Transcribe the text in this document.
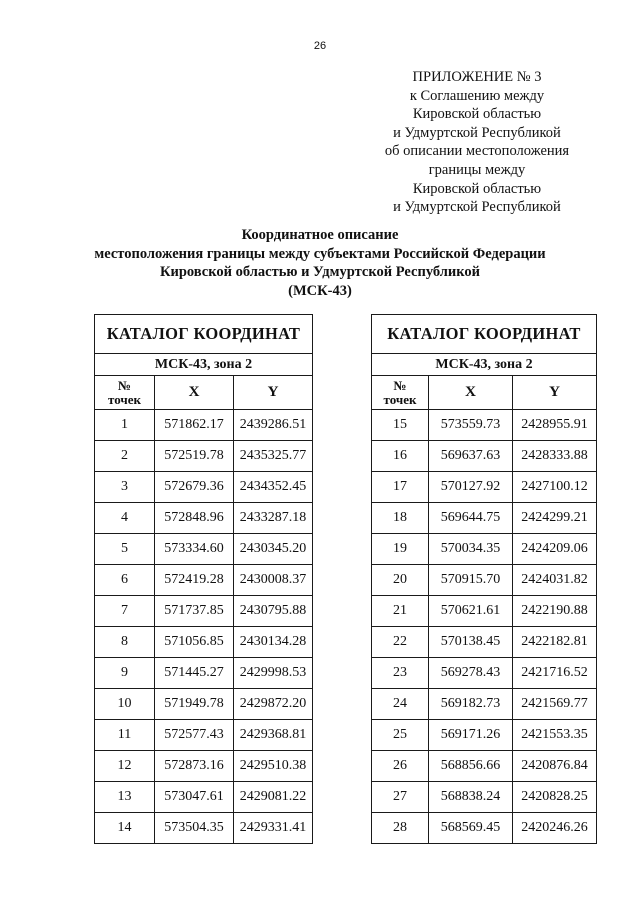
26
ПРИЛОЖЕНИЕ № 3
к Соглашению между
Кировской областью
и Удмуртской Республикой
об описании местоположения
границы между
Кировской областью
и Удмуртской Республикой
Координатное описание
местоположения границы между субъектами Российской Федерации
Кировской областью и Удмуртской Республикой
(МСК-43)
КАТАЛОГ КООРДИНАТ		
МСК-43, зона 2		

№
точек	X	Y
1	571862.17	2439286.51
2	572519.78	2435325.77
3	572679.36	2434352.45
4	572848.96	2433287.18
5	573334.60	2430345.20
6	572419.28	2430008.37
7	571737.85	2430795.88
8	571056.85	2430134.28
9	571445.27	2429998.53
10	571949.78	2429872.20
11	572577.43	2429368.81
12	572873.16	2429510.38
13	573047.61	2429081.22
14	573504.35	2429331.41
КАТАЛОГ КООРДИНАТ		
МСК-43, зона 2		

№
точек	X	Y
15	573559.73	2428955.91
16	569637.63	2428333.88
17	570127.92	2427100.12
18	569644.75	2424299.21
19	570034.35	2424209.06
20	570915.70	2424031.82
21	570621.61	2422190.88
22	570138.45	2422182.81
23	569278.43	2421716.52
24	569182.73	2421569.77
25	569171.26	2421553.35
26	568856.66	2420876.84
27	568838.24	2420828.25
28	568569.45	2420246.26
